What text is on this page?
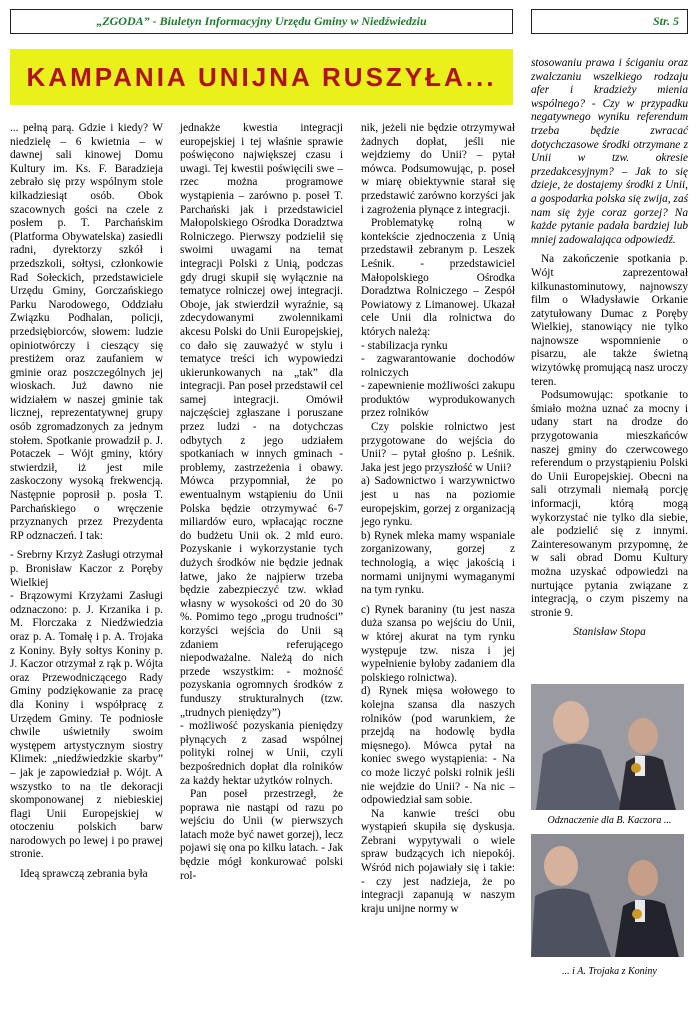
„ZGODA” - Biuletyn Informacyjny Urzędu Gminy w Niedźwiedziu	Str. 5
KAMPANIA UNIJNA RUSZYŁA...

... pełną parą. Gdzie i kiedy? W niedzielę – 6 kwietnia – w dawnej sali kinowej Domu Kultury im. Ks. F. Baradzieja zebrało się przy wspólnym stole kilkadziesiąt osób. Obok szacownych gości na czele z posłem p. T. Parchańskim (Platforma Obywatelska) zasiedli radni, dyrektorzy szkół i przedszkoli, sołtysi, członkowie Rad Sołeckich, przedstawiciele Urzędu Gminy, Gorczańskiego Parku Narodowego, Oddziału Związku Podhalan, policji, przedsiębiorców, słowem: ludzie opiniotwórczy i cieszący się prestiżem oraz zaufaniem w gminie oraz poszczególnych jej wioskach. Już dawno nie widziałem w naszej gminie tak licznej, reprezentatywnej grupy osób zgromadzonych za jednym stołem. Spotkanie prowadził p. J. Potaczek – Wójt gminy, który stwierdził, iż jest mile zaskoczony wysoką frekwencją. Następnie poprosił p. posła T. Parchańskiego o wręczenie przyznanych przez Prezydenta RP odznaczeń. I tak:

- Srebrny Krzyż Zasługi otrzymał p. Bronisław Kaczor z Poręby Wielkiej

- Brązowymi Krzyżami Zasługi odznaczono: p. J. Krzanika i p. M. Florczaka z Niedźwiedzia oraz p. A. Tomałę i p. A. Trojaka z Koniny. Były sołtys Koniny p. J. Kaczor otrzymał z rąk p. Wójta oraz Przewodniczącego Rady Gminy podziękowanie za pracę dla Koniny i współpracę z Urzędem Gminy. Te podniosłe chwile uświetniły swoim występem artystycznym siostry Klimek: „niedźwiedzkie skarby” – jak je zapowiedział p. Wójt. A wszystko to na tle dekoracji skomponowanej z niebieskiej flagi Unii Europejskiej w otoczeniu polskich barw narodowych po lewej i po prawej stronie.

Ideą sprawczą zebrania była

jednakże kwestia integracji europejskiej i tej właśnie sprawie poświęcono największej czasu i uwagi. Tej kwestii poświęcili swe – rzec można programowe wystąpienia – zarówno p. poseł T. Parchański jak i przedstawiciel Małopolskiego Ośrodka Doradztwa Rolniczego. Pierwszy podzielił się swoimi uwagami na temat integracji Polski z Unią, podczas gdy drugi skupił się wyłącznie na tematyce rolniczej owej integracji. Oboje, jak stwierdził wyraźnie, są zdecydowanymi zwolennikami akcesu Polski do Unii Europejskiej, co dało się zauważyć w stylu i tematyce treści ich wypowiedzi ukierunkowanych na „tak” dla integracji. Pan poseł przedstawił cel samej integracji. Omówił najczęściej zgłaszane i poruszane przez ludzi - na dotychczas odbytych z jego udziałem spotkaniach w innych gminach - problemy, zastrzeżenia i obawy. Mówca przypomniał, że po ewentualnym wstąpieniu do Unii Polska będzie otrzymywać 6-7 miliardów euro, wpłacając roczne do budżetu Unii ok. 2 mld euro. Pozyskanie i wykorzystanie tych dużych środków nie będzie jednak łatwe, jako że najpierw trzeba będzie zabezpieczyć tzw. wkład własny w wysokości od 20 do 30 %. Pomimo tego „progu trudności” korzyści wejścia do Unii są zdaniem referującego niepodważalne. Należą do nich przede wszystkim: - możność pozyskania ogromnych środków z funduszy strukturalnych (tzw. „trudnych pieniędzy”)

- możliwość pozyskania pieniędzy płynących z zasad wspólnej polityki rolnej w Unii, czyli bezpośrednich dopłat dla rolników za każdy hektar użytków rolnych.

Pan poseł przestrzegł, że poprawa nie nastąpi od razu po wejściu do Unii (w pierwszych latach może być nawet gorzej), lecz pojawi się ona po kilku latach. - Jak będzie mógł konkurować polski rol-

nik, jeżeli nie będzie otrzymywał żadnych dopłat, jeśli nie wejdziemy do Unii? – pytał mówca. Podsumowując, p. poseł w miarę obiektywnie starał się przedstawić zarówno korzyści jak i zagrożenia płynące z integracji.

Problematykę rolną w kontekście zjednoczenia z Unią przedstawił zebranym p. Leszek Leśnik. - przedstawiciel Małopolskiego Ośrodka Doradztwa Rolniczego – Zespół Powiatowy z Limanowej. Ukazał cele Unii dla rolnictwa do których należą:

- stabilizacja rynku

- zagwarantowanie dochodów rolniczych

- zapewnienie możliwości zakupu produktów wyprodukowanych przez rolników

Czy polskie rolnictwo jest przygotowane do wejścia do Unii? – pytał głośno p. Leśnik. Jaka jest jego przyszłość w Unii?

a) Sadownictwo i warzywnictwo jest u nas na poziomie europejskim, gorzej z organizacją jego rynku.

b) Rynek mleka mamy wspaniale zorganizowany, gorzej z technologią, a więc jakością i normami unijnymi wymaganymi na tym rynku.

c) Rynek baraniny (tu jest nasza duża szansa po wejściu do Unii, w której akurat na tym rynku występuje tzw. nisza i jej wypełnienie byłoby zadaniem dla polskiego rolnictwa).

d) Rynek mięsa wołowego to kolejna szansa dla naszych rolników (pod warunkiem, że przejdą na hodowlę bydła mięsnego). Mówca pytał na koniec swego wystąpienia: - Na co może liczyć polski rolnik jeśli nie wejdzie do Unii? - Na nic – odpowiedział sam sobie.

Na kanwie treści obu wystąpień skupiła się dyskusja. Zebrani wypytywali o wiele spraw budzących ich niepokój. Wśród nich pojawiały się i takie: - czy jest nadzieja, że po integracji zapanują w naszym kraju unijne normy w

stosowaniu prawa i ściganiu oraz zwalczaniu wszelkiego rodzaju afer i kradzieży mienia wspólnego? - Czy w przypadku negatywnego wyniku referendum trzeba będzie zwracać dotychczasowe środki otrzymane z Unii w tzw. okresie przedakcesyjnym? – Jak to się dzieje, że dostajemy środki z Unii, a gospodarka polska się zwija, zaś nam się żyje coraz gorzej? Na każde pytanie padała bardziej lub mniej zadowalająca odpowiedź.

Na zakończenie spotkania p. Wójt zaprezentował kilkunastominutowy, najnowszy film o Władysławie Orkanie zatytułowany Dumac z Poręby Wielkiej, stanowiący nie tylko najnowsze wspomnienie o pisarzu, ale także świetną wizytówkę promującą nasz uroczy teren.

Podsumowując: spotkanie to śmiało można uznać za mocny i udany start na drodze do przygotowania mieszkańców naszej gminy do czerwcowego referendum o przystąpieniu Polski do Unii Europejskiej. Obecni na sali otrzymali niemałą porcję informacji, którą mogą wykorzystać nie tylko dla siebie, ale podzielić się z innymi. Zainteresowanym przypomnę, że w sali obrad Domu Kultury można uzyskać odpowiedzi na nurtujące pytania związane z integracją, o czym piszemy na stronie 9.

Stanisław Stopa

Odznaczenie dla B. Kaczora ...
... i A. Trojaka z Koniny
